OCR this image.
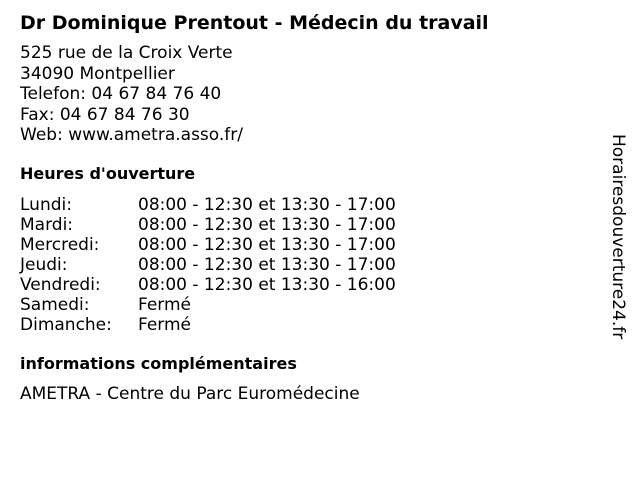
Dr Dominique Prentout - Médecin du travail
525 rue de la Croix Verte
34090 Montpellier
Telefon: 04 67 84 76 40
Fax: 04 67 84 76 30
Web: www.ametra.asso.fr/
Heures d'ouverture
Lundi:	08:00 - 12:30 et 13:30 - 17:00
Mardi:	08:00 - 12:30 et 13:30 - 17:00
Mercredi: 08:00 - 12:30 et 13:30 - 17:00
Jeudi:	08:00 - 12:30 et 13:30 - 17:00
Vendredi: 08:00 - 12:30 et 13:30 - 16:00
Samedi:	Fermé
Dimanche: Fermé
informations complémentaires
AMETRA - Centre du Parc Euromédecine
Horairesdouverture24.fr
